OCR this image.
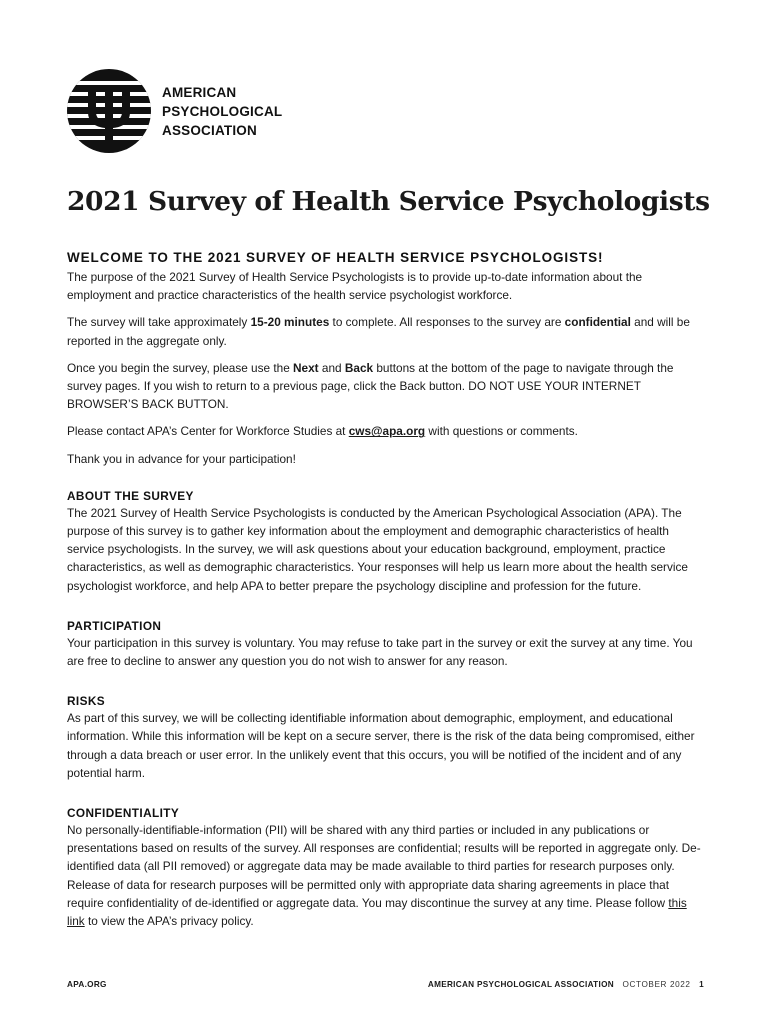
AMERICAN
PSYCHOLOGICAL
ASSOCIATION
2021 Survey of Health Service Psychologists
WELCOME TO THE 2021 SURVEY OF HEALTH SERVICE PSYCHOLOGISTS!

The purpose of the 2021 Survey of Health Service Psychologists is to provide up-to-date information about the employment and practice characteristics of the health service psychologist workforce.

The survey will take approximately 15-20 minutes to complete. All responses to the survey are confidential and will be reported in the aggregate only.

Once you begin the survey, please use the Next and Back buttons at the bottom of the page to navigate through the survey pages. If you wish to return to a previous page, click the Back button. DO NOT USE YOUR INTERNET BROWSER’S BACK BUTTON.

Please contact APA’s Center for Workforce Studies at cws@apa.org with questions or comments.

Thank you in advance for your participation!

ABOUT THE SURVEY

The 2021 Survey of Health Service Psychologists is conducted by the American Psychological Association (APA). The purpose of this survey is to gather key information about the employment and demographic characteristics of health service psychologists. In the survey, we will ask questions about your education background, employment, practice characteristics, as well as demographic characteristics. Your responses will help us learn more about the health service psychologist workforce, and help APA to better prepare the psychology discipline and profession for the future.

PARTICIPATION

Your participation in this survey is voluntary. You may refuse to take part in the survey or exit the survey at any time. You are free to decline to answer any question you do not wish to answer for any reason.

RISKS

As part of this survey, we will be collecting identifiable information about demographic, employment, and educational information. While this information will be kept on a secure server, there is the risk of the data being compromised, either through a data breach or user error. In the unlikely event that this occurs, you will be notified of the incident and of any potential harm.

CONFIDENTIALITY

No personally-identifiable-information (PII) will be shared with any third parties or included in any publications or presentations based on results of the survey. All responses are confidential; results will be reported in aggregate only. De-identified data (all PII removed) or aggregate data may be made available to third parties for research purposes only. Release of data for research purposes will be permitted only with appropriate data sharing agreements in place that require confidentiality of de-identified or aggregate data. You may discontinue the survey at any time. Please follow this link to view the APA’s privacy policy.

APA.ORG	AMERICAN PSYCHOLOGICAL ASSOCIATION OCTOBER 2022 1
